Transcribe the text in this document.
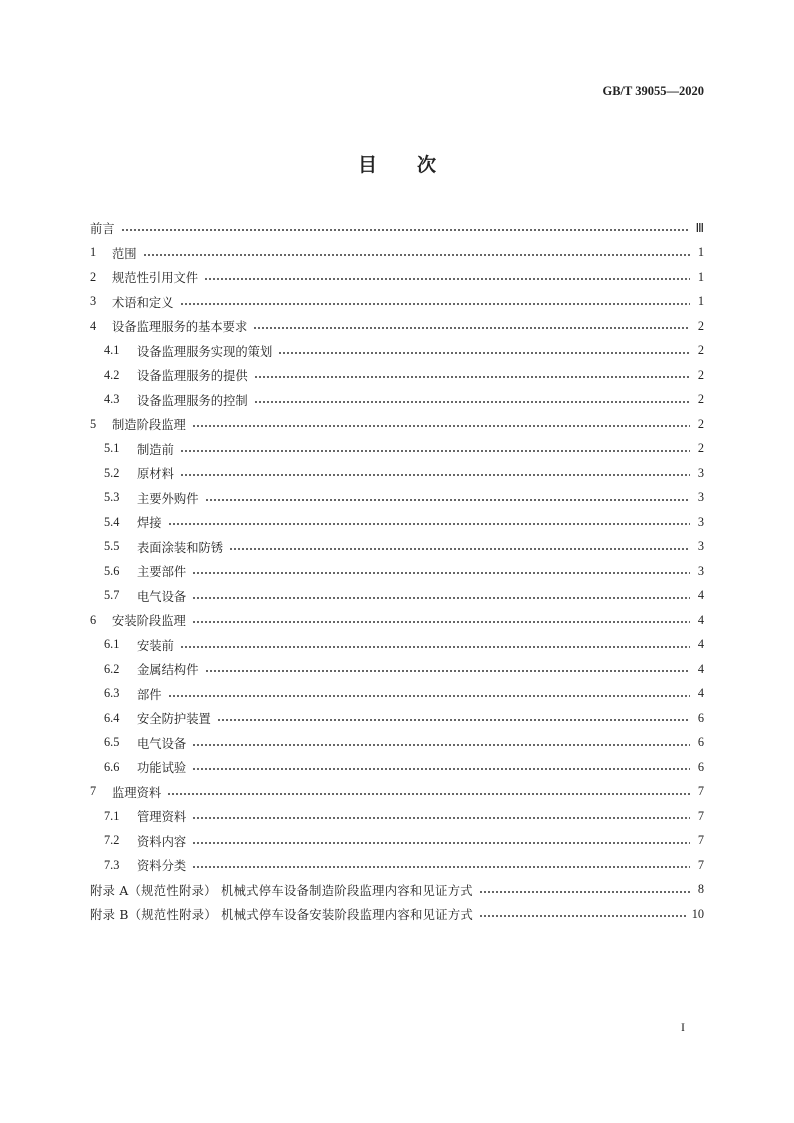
GB/T 39055—2020
目次
前言	Ⅲ
1	范围	1
2	规范性引用文件	1
3	术语和定义	1
4	设备监理服务的基本要求	2
4.1	设备监理服务实现的策划	2
4.2	设备监理服务的提供	2
4.3	设备监理服务的控制	2
5	制造阶段监理	2
5.1	制造前	2
5.2	原材料	3
5.3	主要外购件	3
5.4	焊接	3
5.5	表面涂装和防锈	3
5.6	主要部件	3
5.7	电气设备	4
6	安装阶段监理	4
6.1	安装前	4
6.2	金属结构件	4
6.3	部件	4
6.4	安全防护装置	6
6.5	电气设备	6
6.6	功能试验	6
7	监理资料	7
7.1	管理资料	7
7.2	资料内容	7
7.3	资料分类	7
附录 A（规范性附录） 机械式停车设备制造阶段监理内容和见证方式	8
附录 B（规范性附录） 机械式停车设备安装阶段监理内容和见证方式	10
I
